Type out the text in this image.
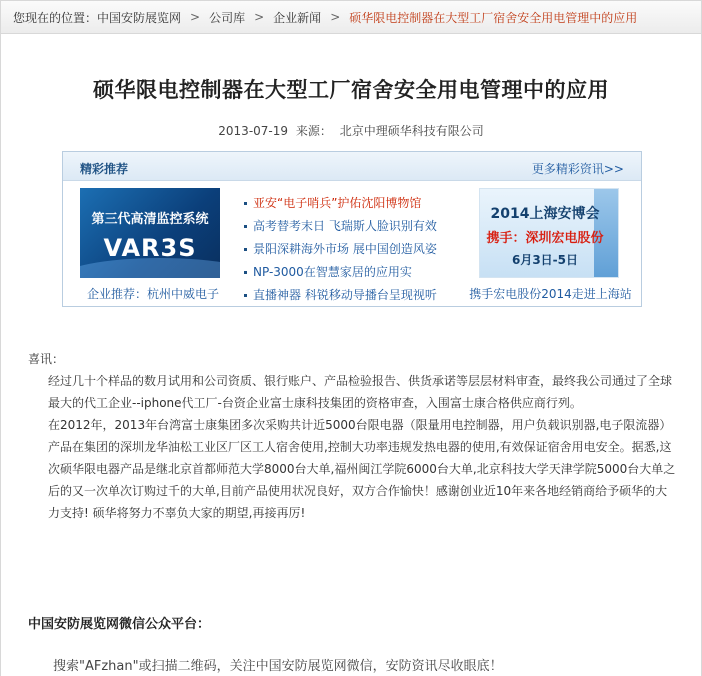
您现在的位置： 中国安防展览网 > 公司库 > 企业新闻 > 硕华限电控制器在大型工厂宿舍安全用电管理中的应用
硕华限电控制器在大型工厂宿舍安全用电管理中的应用
2013-07-19 来源： 北京中理硕华科技有限公司
精彩推荐	更多精彩资讯>>
第三代高清监控系统
VAR3S
企业推荐：杭州中威电子
亚安“电子哨兵”护佑沈阳博物馆
高考替考末日 飞瑞斯人脸识别有效
景阳深耕海外市场 展中国创造风姿
NP-3000在智慧家居的应用实
直播神器 科锐移动导播台呈现视听
2014上海安博会
携手：深圳宏电股份
6月3日-5日
携手宏电股份2014走进上海站

喜讯：

经过几十个样品的数月试用和公司资质、银行账户、产品检验报告、供货承诺等层层材料审查，最终我公司通过了全球最大的代工企业--iphone代工厂-台资企业富士康科技集团的资格审查，入围富士康合格供应商行列。

在2012年，2013年台湾富士康集团多次采购共计近5000台限电器（限量用电控制器，用户负载识别器,电子限流器）产品在集团的深圳龙华油松工业区厂区工人宿舍使用,控制大功率违规发热电器的使用,有效保证宿舍用电安全。据悉,这次硕华限电器产品是继北京首都师范大学8000台大单,福州闽江学院6000台大单,北京科技大学天津学院5000台大单之后的又一次单次订购过千的大单,目前产品使用状况良好，双方合作愉快！感谢创业近10年来各地经销商给予硕华的大力支持! 硕华将努力不辜负大家的期望,再接再厉!

中国安防展览网微信公众平台：
搜索"AFzhan"或扫描二维码，关注中国安防展览网微信，安防资讯尽收眼底！
